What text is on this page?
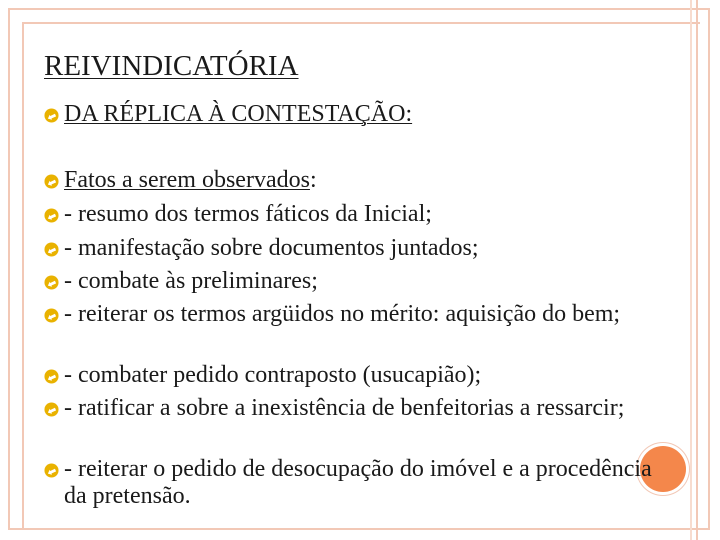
REIVINDICATÓRIA
DA RÉPLICA À CONTESTAÇÃO:
Fatos a serem observados:
- resumo dos termos fáticos da Inicial;
- manifestação sobre documentos juntados;
- combate às preliminares;
- reiterar os termos argüidos no mérito: aquisição do bem;
- combater pedido contraposto (usucapião);
- ratificar a sobre a inexistência de benfeitorias a ressarcir;
- reiterar o pedido de desocupação do imóvel e a procedência da pretensão.
